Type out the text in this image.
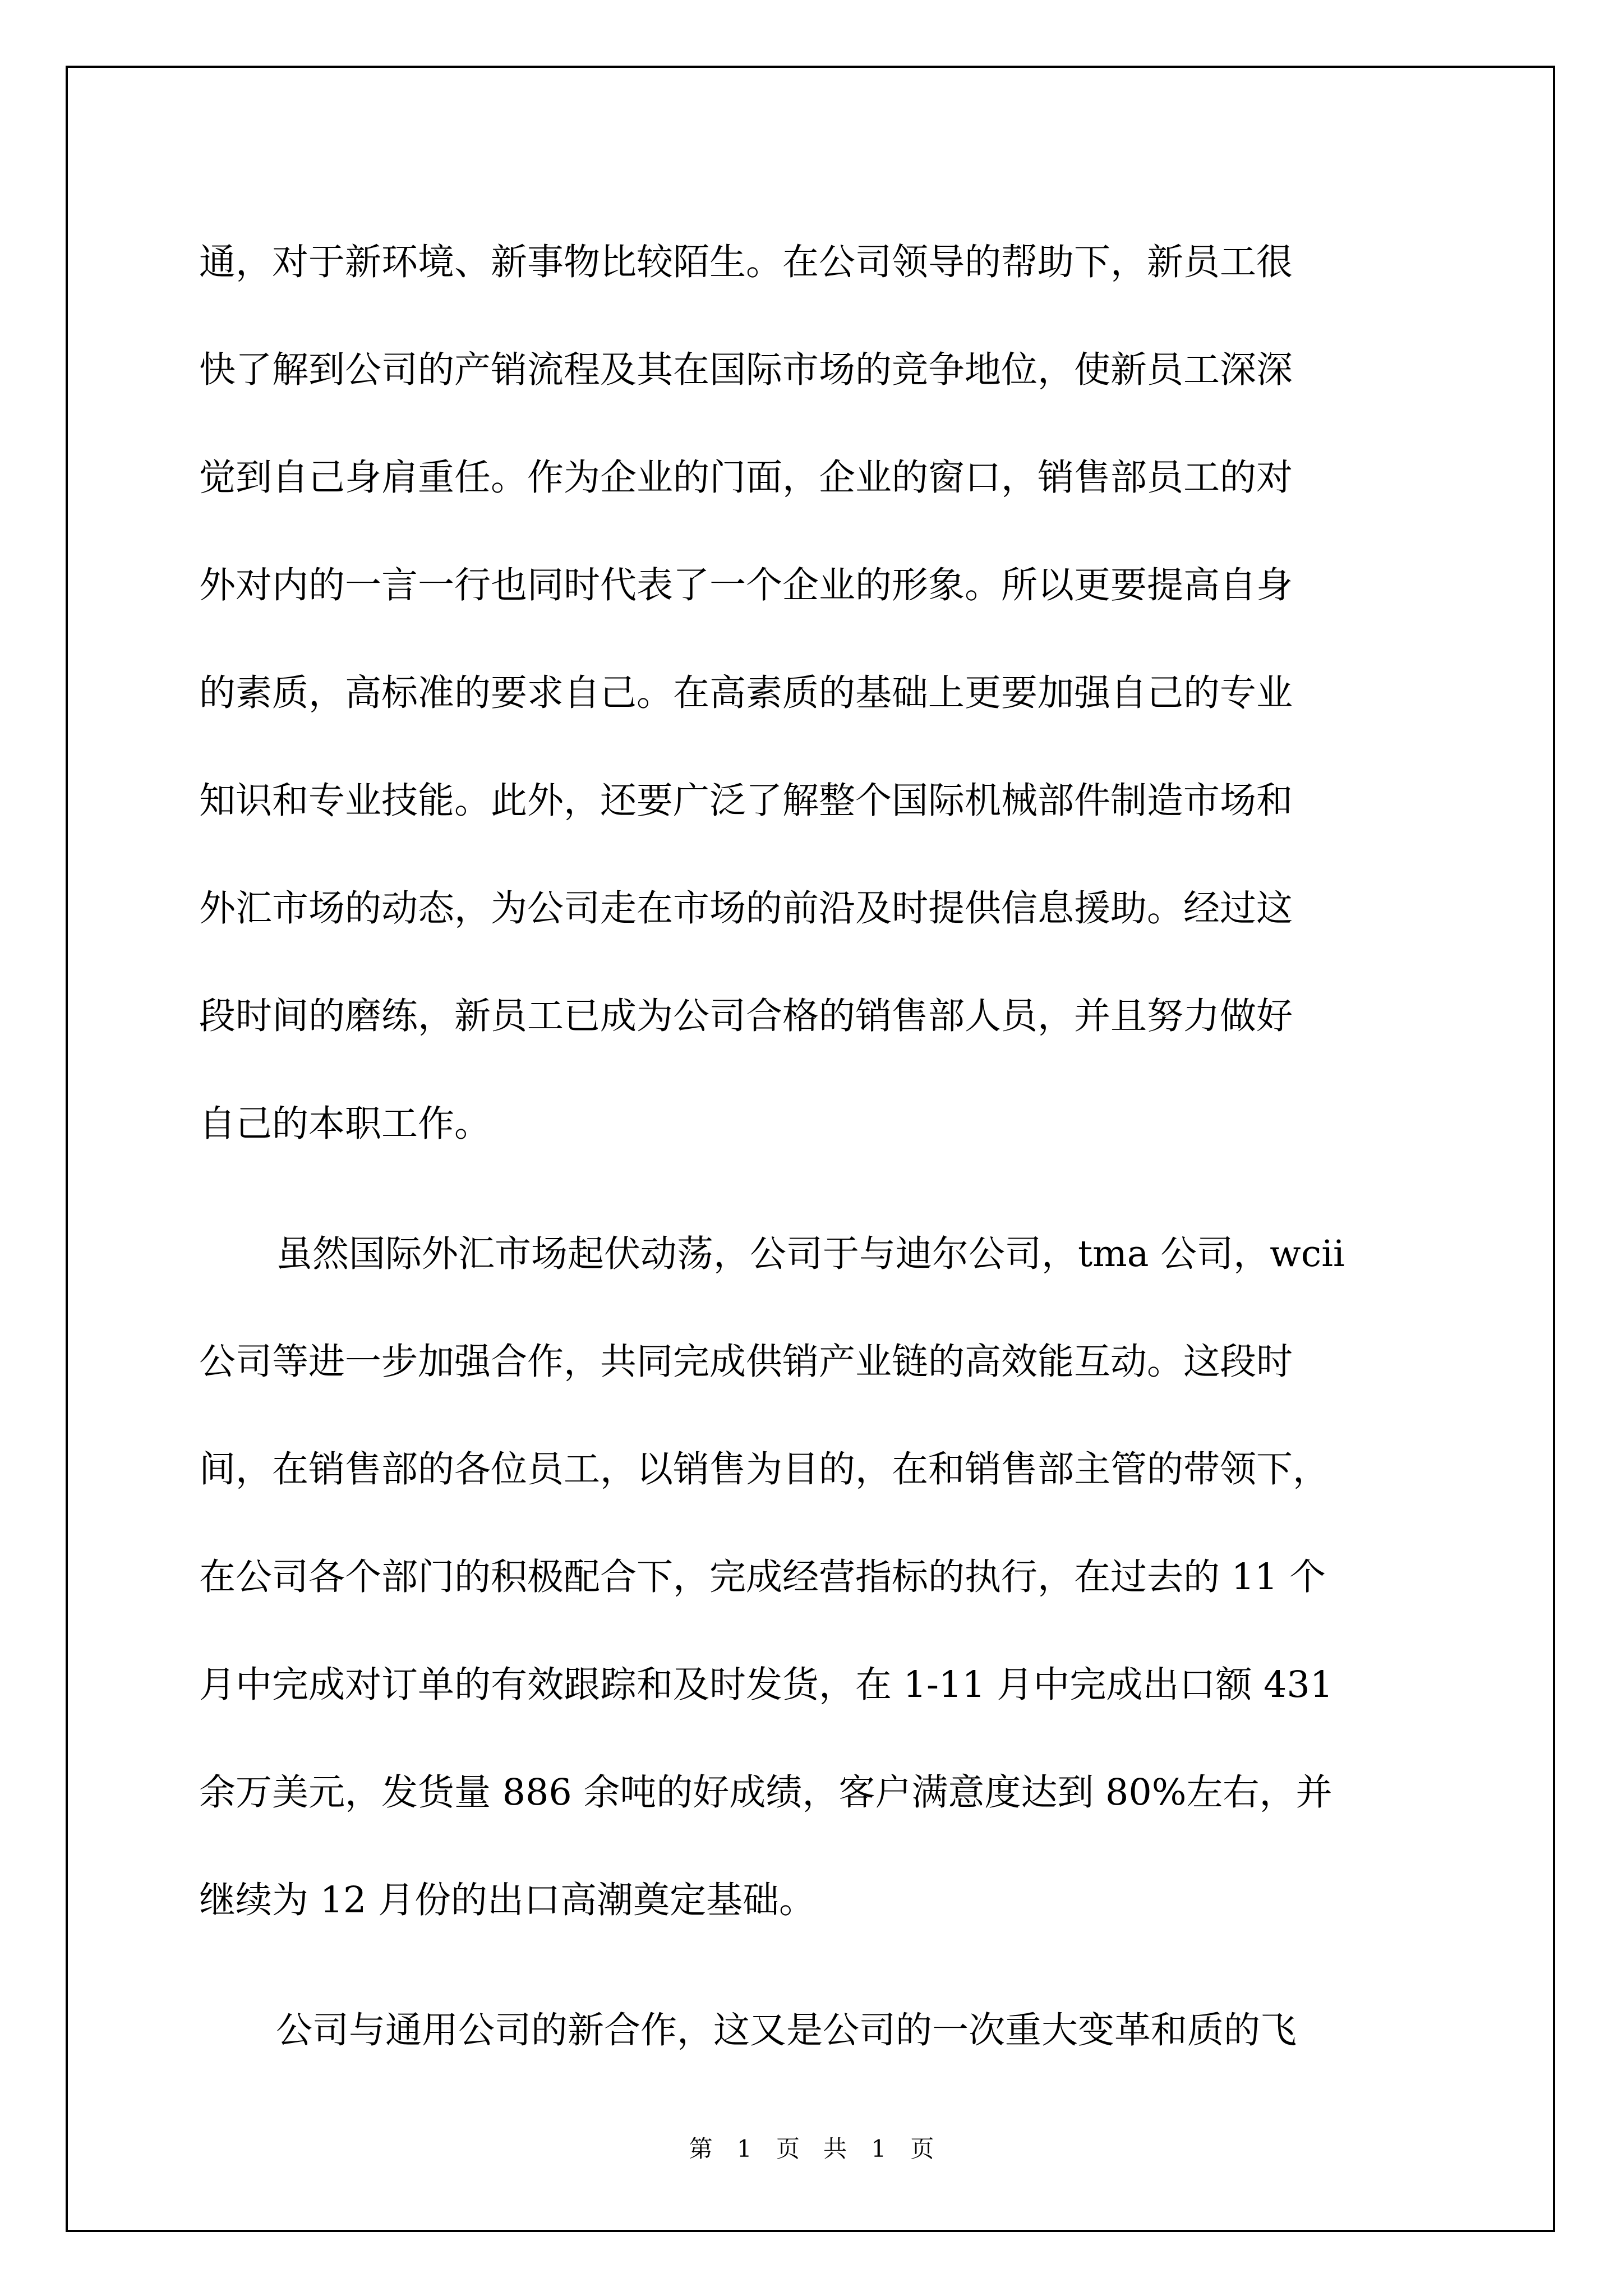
通，对于新环境、新事物比较陌生。在公司领导的帮助下，新员工很
快了解到公司的产销流程及其在国际市场的竞争地位，使新员工深深
觉到自己身肩重任。作为企业的门面，企业的窗口，销售部员工的对
外对内的一言一行也同时代表了一个企业的形象。所以更要提高自身
的素质，高标准的要求自己。在高素质的基础上更要加强自己的专业
知识和专业技能。此外，还要广泛了解整个国际机械部件制造市场和
外汇市场的动态，为公司走在市场的前沿及时提供信息援助。经过这
段时间的磨练，新员工已成为公司合格的销售部人员，并且努力做好
自己的本职工作。
虽然国际外汇市场起伏动荡，公司于与迪尔公司，tma 公司，wcii
公司等进一步加强合作，共同完成供销产业链的高效能互动。这段时
间，在销售部的各位员工，以销售为目的，在和销售部主管的带领下，
在公司各个部门的积极配合下，完成经营指标的执行，在过去的 11 个
月中完成对订单的有效跟踪和及时发货，在 1-11 月中完成出口额 431
余万美元，发货量 886 余吨的好成绩，客户满意度达到 80%左右，并
继续为 12 月份的出口高潮奠定基础。
公司与通用公司的新合作，这又是公司的一次重大变革和质的飞
第 1 页　共 1 页
